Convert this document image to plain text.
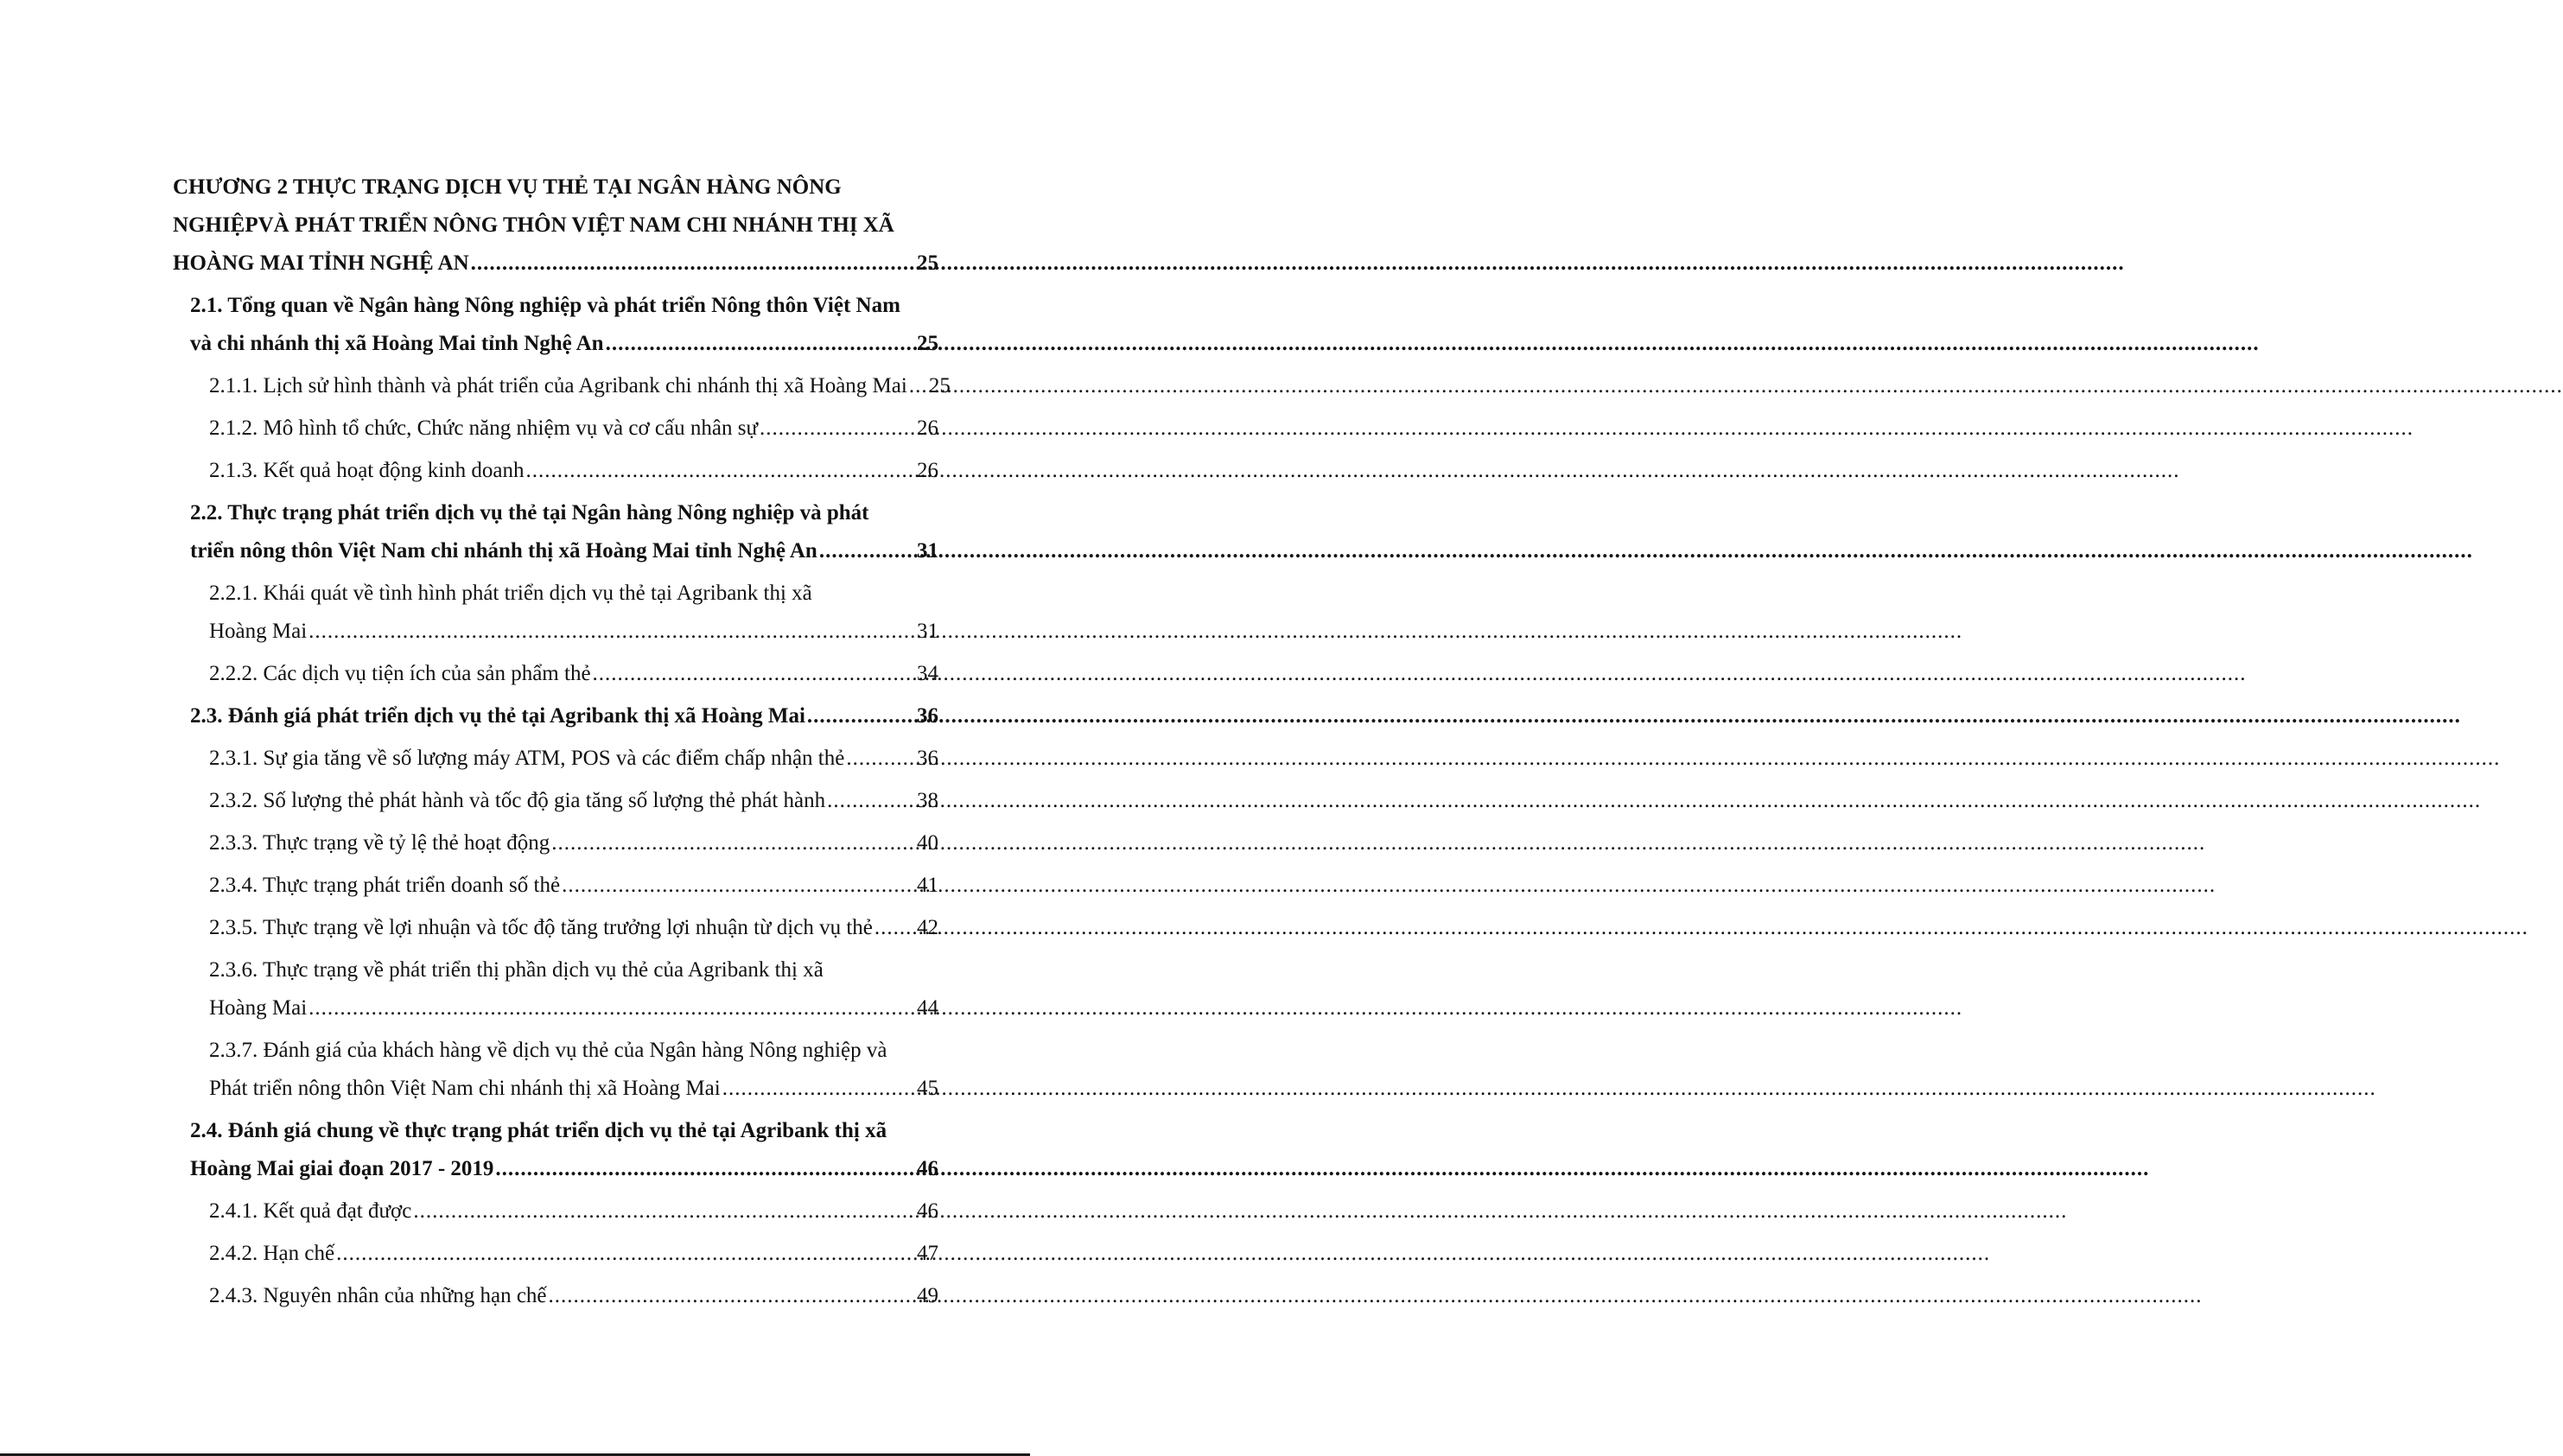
CHƯƠNG 2 THỰC TRẠNG DỊCH VỤ THẺ TẠI NGÂN HÀNG NÔNG
NGHIỆPVÀ PHÁT TRIỂN NÔNG THÔN VIỆT NAM CHI NHÁNH THỊ XÃ
HOÀNG MAI TỈNH NGHỆ AN .....	25
2.1. Tổng quan về Ngân hàng Nông nghiệp và phát triển Nông thôn Việt Nam
và chi nhánh thị xã Hoàng Mai tỉnh Nghệ An .....	25
2.1.1. Lịch sử hình thành và phát triển của Agribank chi nhánh thị xã Hoàng Mai ..... 25
2.1.2. Mô hình tổ chức, Chức năng nhiệm vụ và cơ cấu nhân sự .....	26
2.1.3. Kết quả hoạt động kinh doanh .....	26
2.2. Thực trạng phát triển dịch vụ thẻ tại Ngân hàng Nông nghiệp và phát
triển nông thôn Việt Nam chi nhánh thị xã Hoàng Mai tỉnh Nghệ An .....	31
2.2.1. Khái quát về tình hình phát triển dịch vụ thẻ tại Agribank thị xã
Hoàng Mai .....	31
2.2.2. Các dịch vụ tiện ích của sản phẩm thẻ .....	34
2.3. Đánh giá phát triển dịch vụ thẻ tại Agribank thị xã Hoàng Mai .....	36
2.3.1. Sự gia tăng về số lượng máy ATM, POS và các điểm chấp nhận thẻ .....	36
2.3.2. Số lượng thẻ phát hành và tốc độ gia tăng số lượng thẻ phát hành .....	38
2.3.3. Thực trạng về tỷ lệ thẻ hoạt động .....	40
2.3.4. Thực trạng phát triển doanh số thẻ .....	41
2.3.5. Thực trạng về lợi nhuận và tốc độ tăng trưởng lợi nhuận từ dịch vụ thẻ ..... 42
2.3.6. Thực trạng về phát triển thị phần dịch vụ thẻ của Agribank thị xã
Hoàng Mai .....	44
2.3.7. Đánh giá của khách hàng về dịch vụ thẻ của Ngân hàng Nông nghiệp và
Phát triển nông thôn Việt Nam chi nhánh thị xã Hoàng Mai .....	45
2.4. Đánh giá chung về thực trạng phát triển dịch vụ thẻ tại Agribank thị xã
Hoàng Mai giai đoạn 2017 - 2019 .....	46
2.4.1. Kết quả đạt được .....	46
2.4.2. Hạn chế .....	47
2.4.3. Nguyên nhân của những hạn chế .....	49
